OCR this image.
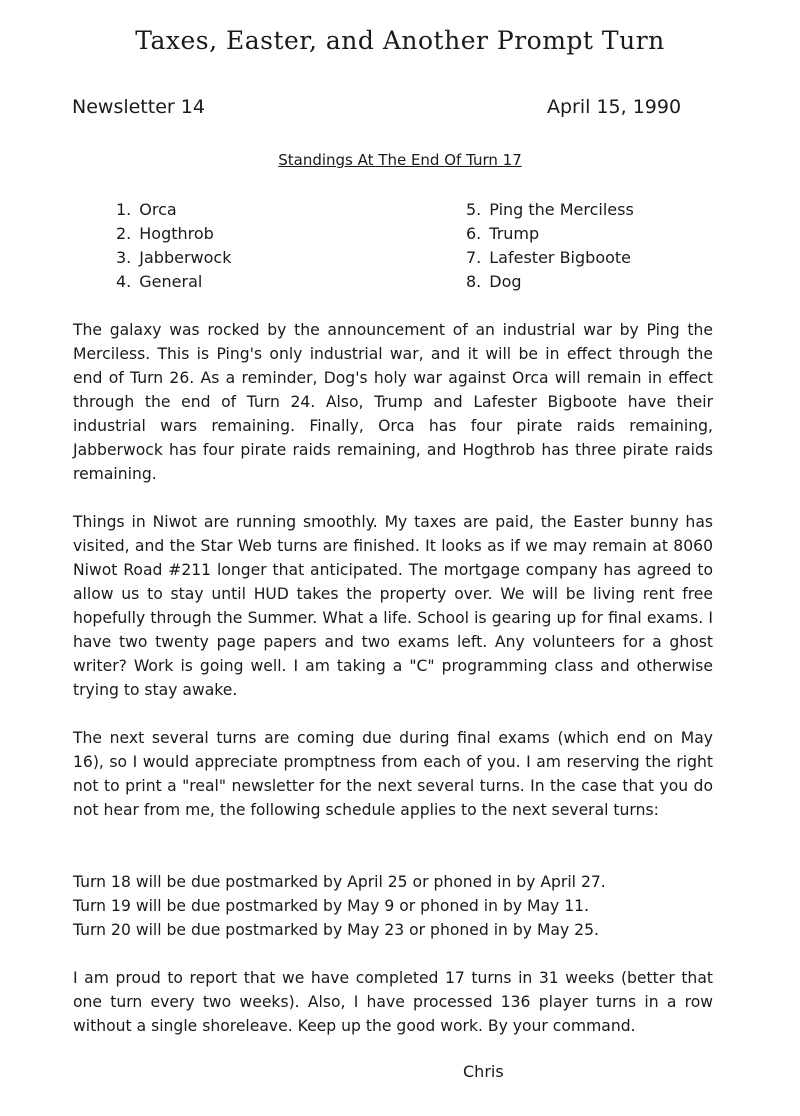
Taxes, Easter, and Another Prompt Turn
Newsletter 14	April 15, 1990
Standings At The End Of Turn 17
1. Orca
2. Hogthrob
3. Jabberwock
4. General
5. Ping the Merciless
6. Trump
7. Lafester Bigboote
8. Dog

The galaxy was rocked by the announcement of an industrial war by Ping the Merciless. This is Ping's only industrial war, and it will be in effect through the end of Turn 26. As a reminder, Dog's holy war against Orca will remain in effect through the end of Turn 24. Also, Trump and Lafester Bigboote have their industrial wars remaining. Finally, Orca has four pirate raids remaining, Jabberwock has four pirate raids remaining, and Hogthrob has three pirate raids remaining.

Things in Niwot are running smoothly. My taxes are paid, the Easter bunny has visited, and the Star Web turns are finished. It looks as if we may remain at 8060 Niwot Road #211 longer that anticipated. The mortgage company has agreed to allow us to stay until HUD takes the property over. We will be living rent free hopefully through the Summer. What a life. School is gearing up for final exams. I have two twenty page papers and two exams left. Any volunteers for a ghost writer? Work is going well. I am taking a "C" programming class and otherwise trying to stay awake.

The next several turns are coming due during final exams (which end on May 16), so I would appreciate promptness from each of you. I am reserving the right not to print a "real" newsletter for the next several turns. In the case that you do not hear from me, the following schedule applies to the next several turns:

Turn 18 will be due postmarked by April 25 or phoned in by April 27.
Turn 19 will be due postmarked by May 9 or phoned in by May 11.
Turn 20 will be due postmarked by May 23 or phoned in by May 25.

I am proud to report that we have completed 17 turns in 31 weeks (better that one turn every two weeks). Also, I have processed 136 player turns in a row without a single shoreleave. Keep up the good work. By your command.

Chris
